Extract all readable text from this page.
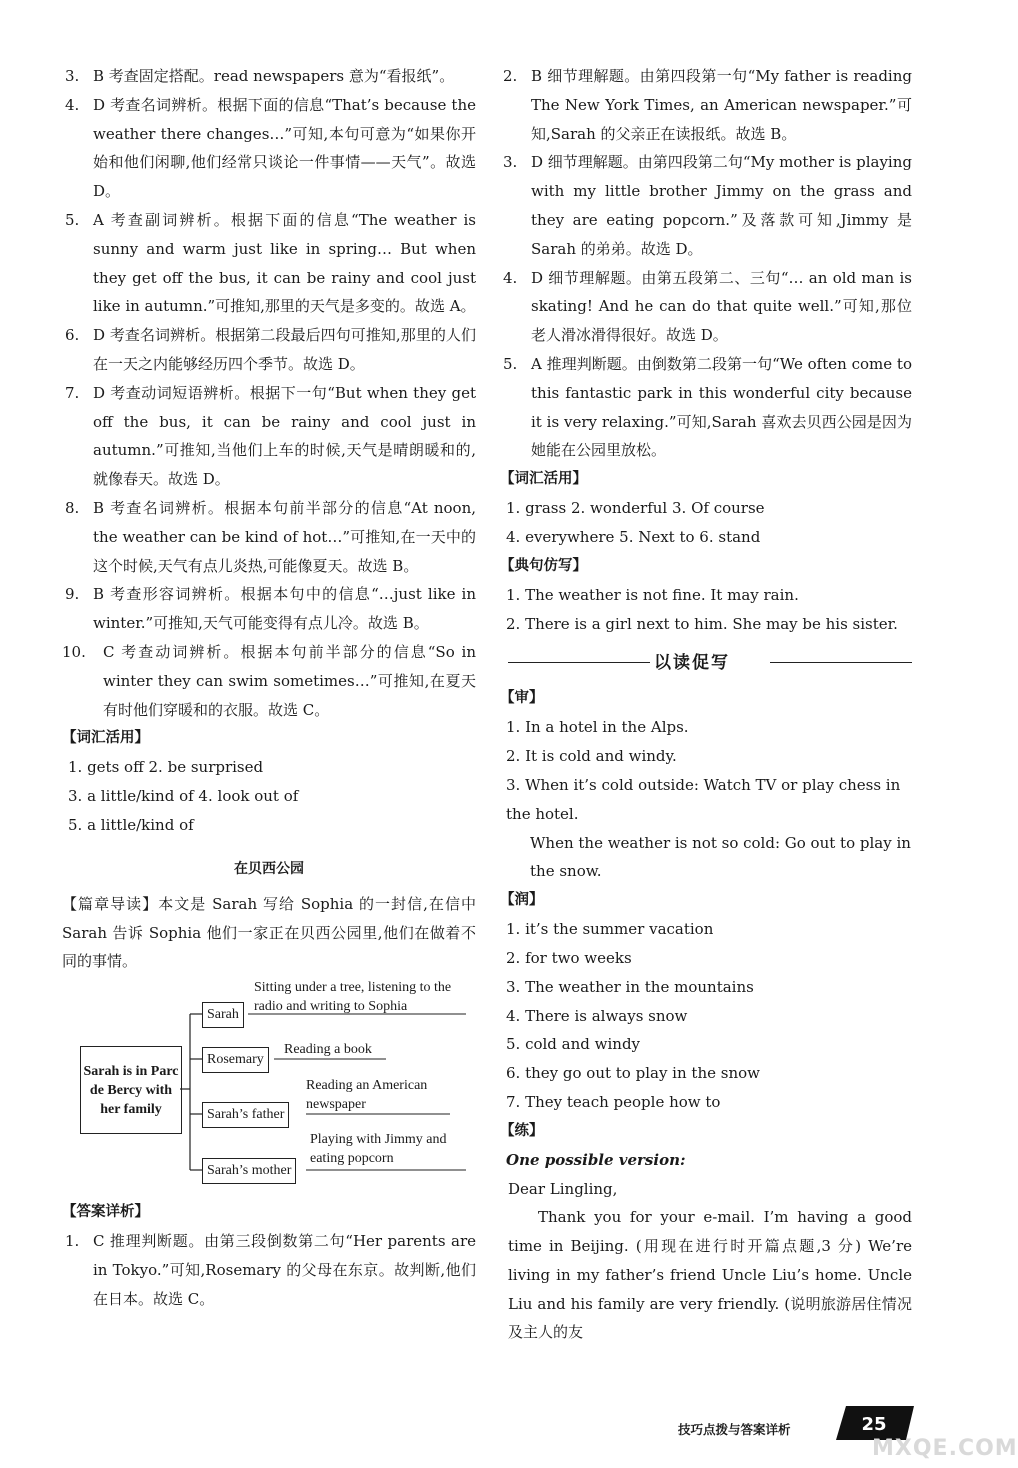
3. B 考查固定搭配。read newspapers 意为“看报纸”。
4. D 考查名词辨析。根据下面的信息“That’s because the weather there changes…”可知,本句可意为“如果你开始和他们闲聊,他们经常只谈论一件事情——天气”。故选 D。
5. A 考查副词辨析。根据下面的信息“The weather is sunny and warm just like in spring… But when they get off the bus, it can be rainy and cool just like in autumn.”可推知,那里的天气是多变的。故选 A。
6. D 考查名词辨析。根据第二段最后四句可推知,那里的人们在一天之内能够经历四个季节。故选 D。
7. D 考查动词短语辨析。根据下一句“But when they get off the bus, it can be rainy and cool just in autumn.”可推知,当他们上车的时候,天气是晴朗暖和的,就像春天。故选 D。
8. B 考查名词辨析。根据本句前半部分的信息“At noon, the weather can be kind of hot…”可推知,在一天中的这个时候,天气有点儿炎热,可能像夏天。故选 B。
9. B 考查形容词辨析。根据本句中的信息“…just like in winter.”可推知,天气可能变得有点儿冷。故选 B。
10. C 考查动词辨析。根据本句前半部分的信息“So in winter they can swim sometimes…”可推知,在夏天有时他们穿暖和的衣服。故选 C。
【词汇活用】
1. gets off 2. be surprised
3. a little/kind of 4. look out of
5. a little/kind of
在贝西公园

【篇章导读】本文是 Sarah 写给 Sophia 的一封信,在信中 Sarah 告诉 Sophia 他们一家正在贝西公园里,他们在做着不同的事情。

Sarah is in Parc de Bercy with her family
Sarah
Sitting under a tree, listening to the radio and writing to Sophia
Rosemary
Reading a book
Sarah’s father
Reading an American newspaper
Sarah’s mother
Playing with Jimmy and eating popcorn
【答案详析】
1. C 推理判断题。由第三段倒数第二句“Her parents are in Tokyo.”可知,Rosemary 的父母在东京。故判断,他们在日本。故选 C。
2. B 细节理解题。由第四段第一句“My father is reading The New York Times, an American newspaper.”可知,Sarah 的父亲正在读报纸。故选 B。
3. D 细节理解题。由第四段第二句“My mother is playing with my little brother Jimmy on the grass and they are eating popcorn.”及落款可知,Jimmy 是 Sarah 的弟弟。故选 D。
4. D 细节理解题。由第五段第二、三句“… an old man is skating! And he can do that quite well.”可知,那位老人滑冰滑得很好。故选 D。
5. A 推理判断题。由倒数第二段第一句“We often come to this fantastic park in this wonderful city because it is very relaxing.”可知,Sarah 喜欢去贝西公园是因为她能在公园里放松。
【词汇活用】
1. grass 2. wonderful 3. Of course
4. everywhere 5. Next to 6. stand
【典句仿写】
1. The weather is not fine. It may rain.
2. There is a girl next to him. She may be his sister.
以读促写
【审】
1. In a hotel in the Alps.
2. It is cold and windy.
3. When it’s cold outside: Watch TV or play chess in the hotel.
When the weather is not so cold: Go out to play in the snow.
【润】
1. it’s the summer vacation
2. for two weeks
3. The weather in the mountains
4. There is always snow
5. cold and windy
6. they go out to play in the snow
7. They teach people how to
【练】
One possible version:
Dear Lingling,

Thank you for your e-mail. I’m having a good time in Beijing. (用现在进行时开篇点题,3 分) We’re living in my father’s friend Uncle Liu’s home. Uncle Liu and his family are very friendly. (说明旅游居住情况及主人的友

技巧点拨与答案详析	25
MXQE.COM
